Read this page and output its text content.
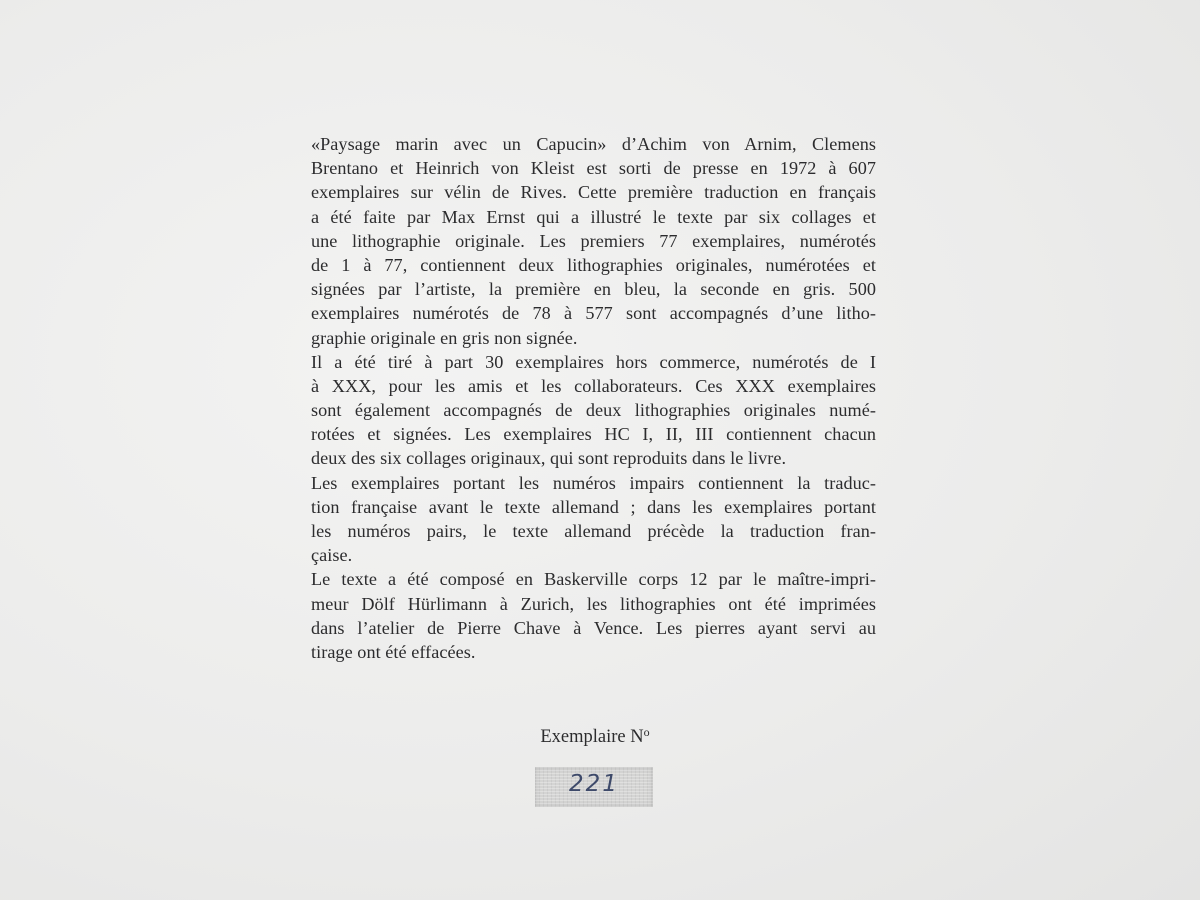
«Paysage marin avec un Capucin» d’Achim von Arnim, Clemens
Brentano et Heinrich von Kleist est sorti de presse en 1972 à 607
exemplaires sur vélin de Rives. Cette première traduction en français
a été faite par Max Ernst qui a illustré le texte par six collages et
une lithographie originale. Les premiers 77 exemplaires, numérotés
de 1 à 77, contiennent deux lithographies originales, numérotées et
signées par l’artiste, la première en bleu, la seconde en gris. 500
exemplaires numérotés de 78 à 577 sont accompagnés d’une litho-
graphie originale en gris non signée.
Il a été tiré à part 30 exemplaires hors commerce, numérotés de I
à XXX, pour les amis et les collaborateurs. Ces XXX exemplaires
sont également accompagnés de deux lithographies originales numé-
rotées et signées. Les exemplaires HC I, II, III contiennent chacun
deux des six collages originaux, qui sont reproduits dans le livre.
Les exemplaires portant les numéros impairs contiennent la traduc-
tion française avant le texte allemand ; dans les exemplaires portant
les numéros pairs, le texte allemand précède la traduction fran-
çaise.
Le texte a été composé en Baskerville corps 12 par le maître-impri-
meur Dölf Hürlimann à Zurich, les lithographies ont été imprimées
dans l’atelier de Pierre Chave à Vence. Les pierres ayant servi au
tirage ont été effacées.
Exemplaire $N^o$
221
